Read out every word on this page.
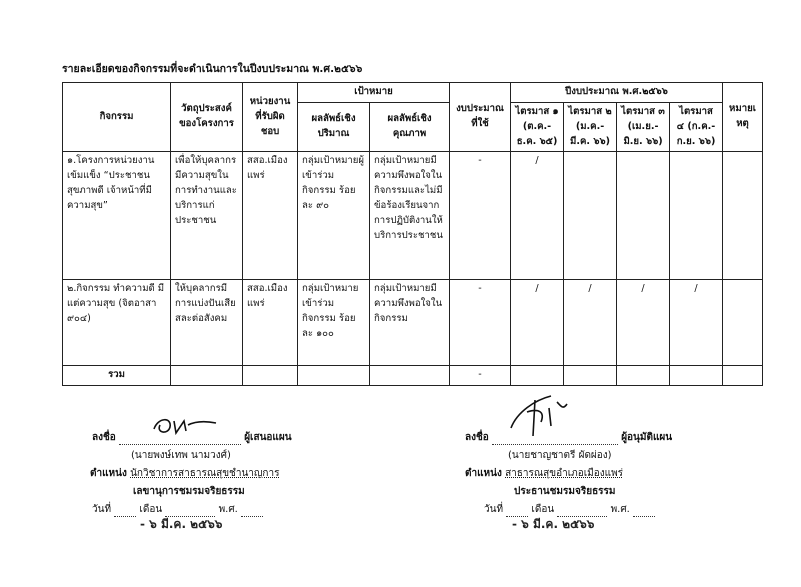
รายละเอียดของกิจกรรมที่จะดำเนินการในปีงบประมาณ พ.ศ.๒๕๖๖
กิจกรรม	วัตถุประสงค์ของโครงการ	หน่วยงานที่รับผิดชอบ	เป้าหมาย		งบประมาณที่ใช้	ปีงบประมาณ พ.ศ.๒๕๖๖				หมายเหตุ
			ผลลัพธ์เชิงปริมาณ	ผลลัพธ์เชิงคุณภาพ		ไตรมาส ๑ (ต.ค.-ธ.ค. ๖๕)	ไตรมาส ๒ (ม.ค.-มี.ค. ๖๖)	ไตรมาส ๓ (เม.ย.-มิ.ย. ๖๖)	ไตรมาส ๔ (ก.ค.-ก.ย. ๖๖)	
๑.โครงการหน่วยงานเข้มแข็ง “ประชาชนสุขภาพดี เจ้าหน้าที่มีความสุข”	เพื่อให้บุคลากรมีความสุขในการทำงานและบริการแก่ประชาชน	สสอ.เมืองแพร่	กลุ่มเป้าหมายผู้เข้าร่วมกิจกรรม ร้อยละ ๙๐	กลุ่มเป้าหมายมีความพึงพอใจในกิจกรรมและไม่มีข้อร้องเรียนจากการปฏิบัติงานให้บริการประชาชน	-	/				
๒.กิจกรรม ทำความดี มีแต่ความสุข (จิตอาสา ๙๐๔)	ให้บุคลากรมีการแบ่งปันเสียสละต่อสังคม	สสอ.เมืองแพร่	กลุ่มเป้าหมายเข้าร่วมกิจกรรม ร้อยละ ๑๐๐	กลุ่มเป้าหมายมีความพึงพอใจในกิจกรรม	-	/	/	/	/	
รวม					-					
ลงชื่อ	ผู้เสนอแผน
(นายพงษ์เทพ นามวงศ์)
ตำแหน่ง นักวิชาการสาธารณสุขชำนาญการ
เลขานุการชมรมจริยธรรม
วันที่	เดือน	พ.ศ.
- ๖ มี.ค. ๒๕๖๖
ลงชื่อ	ผู้อนุมัติแผน
(นายชาญชาตรี ผัดผ่อง)
ตำแหน่ง สาธารณสุขอำเภอเมืองแพร่
ประธานชมรมจริยธรรม
วันที่	เดือน	พ.ศ.
- ๖ มี.ค. ๒๕๖๖
